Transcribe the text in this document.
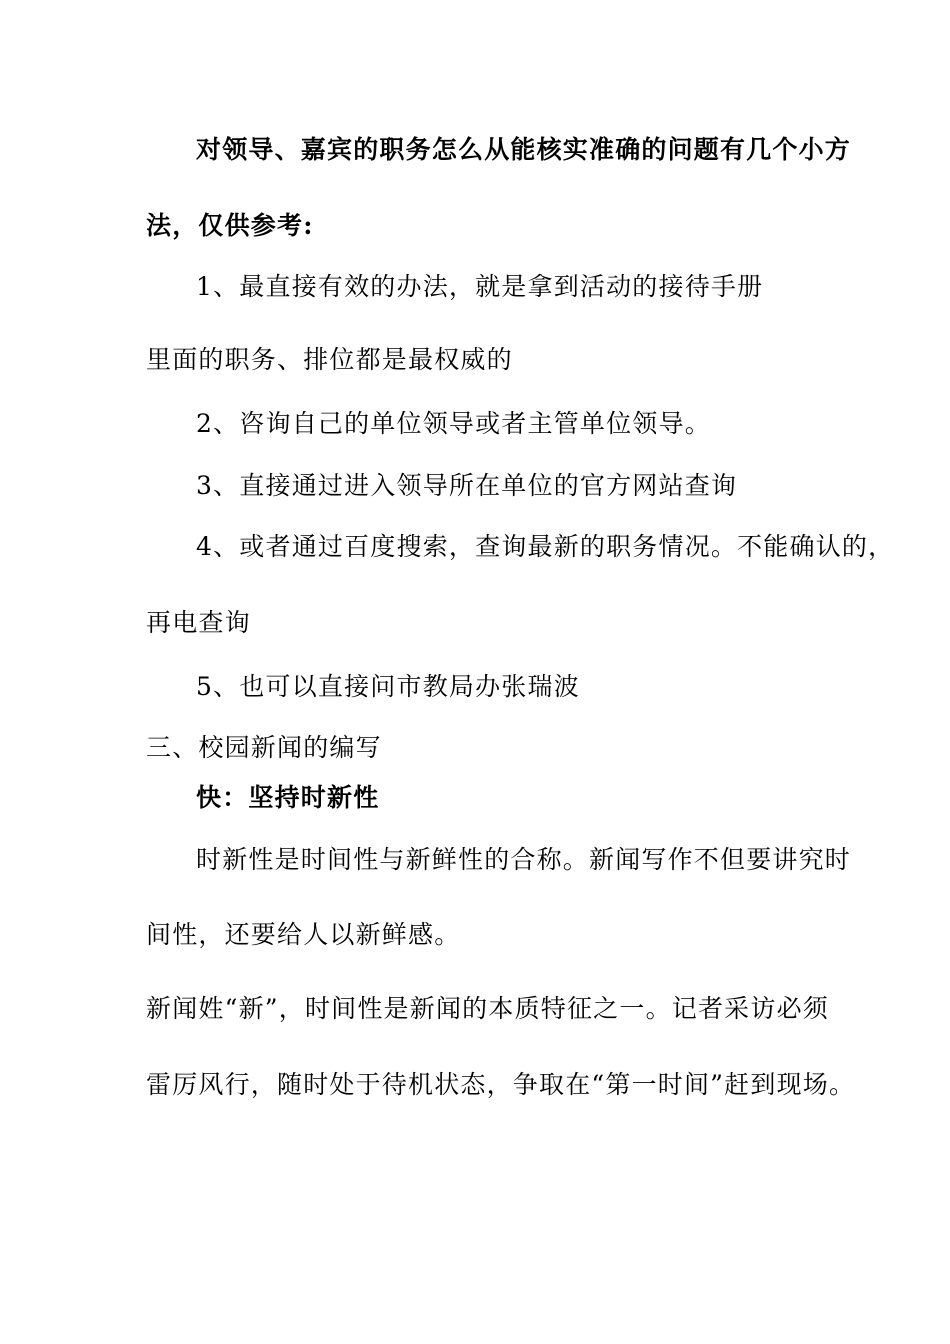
对领导、嘉宾的职务怎么从能核实准确的问题有几个小方
法，仅供参考:
1、最直接有效的办法，就是拿到活动的接待手册
里面的职务、排位都是最权威的
2、咨询自己的单位领导或者主管单位领导。
3、直接通过进入领导所在单位的官方网站查询
4、或者通过百度搜索，查询最新的职务情况。不能确认的，
再电查询
5、也可以直接问市教局办张瑞波
三、校园新闻的编写
快：坚持时新性
时新性是时间性与新鲜性的合称。新闻写作不但要讲究时
间性，还要给人以新鲜感。
新闻姓“新”，时间性是新闻的本质特征之一。记者采访必须
雷厉风行，随时处于待机状态，争取在“第一时间”赶到现场。
